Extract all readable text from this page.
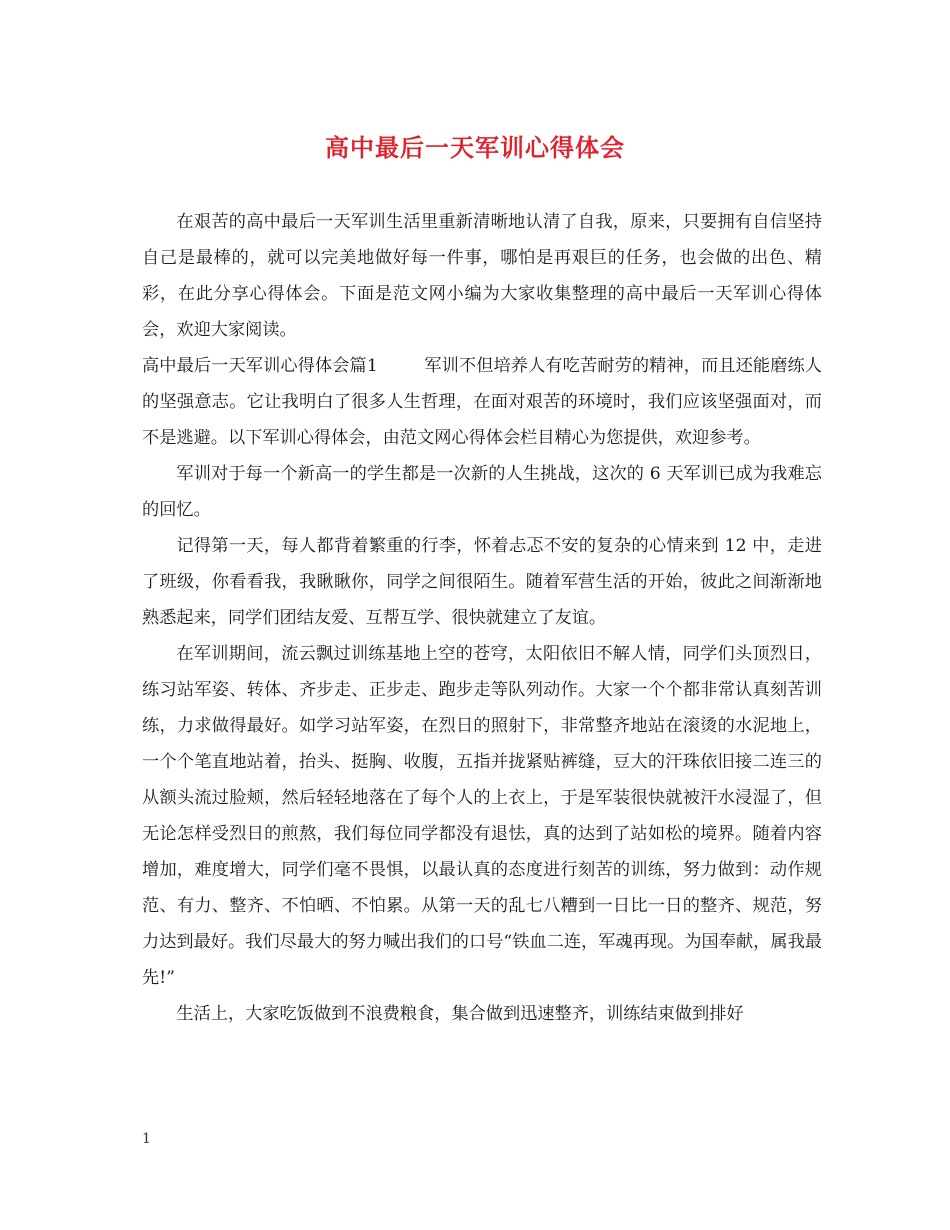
高中最后一天军训心得体会

在艰苦的高中最后一天军训生活里重新清晰地认清了自我，原来，只要拥有自信坚持自己是最棒的，就可以完美地做好每一件事，哪怕是再艰巨的任务，也会做的出色、精彩，在此分享心得体会。下面是范文网小编为大家收集整理的高中最后一天军训心得体会，欢迎大家阅读。

高中最后一天军训心得体会篇1	军训不但培养人有吃苦耐劳的精神，而且还能磨练人的坚强意志。它让我明白了很多人生哲理，在面对艰苦的环境时，我们应该坚强面对，而不是逃避。以下军训心得体会，由范文网心得体会栏目精心为您提供，欢迎参考。

军训对于每一个新高一的学生都是一次新的人生挑战，这次的 6 天军训已成为我难忘的回忆。

记得第一天，每人都背着繁重的行李，怀着忐忑不安的复杂的心情来到 12 中，走进了班级，你看看我，我瞅瞅你，同学之间很陌生。随着军营生活的开始，彼此之间渐渐地熟悉起来，同学们团结友爱、互帮互学、很快就建立了友谊。

在军训期间，流云飘过训练基地上空的苍穹，太阳依旧不解人情，同学们头顶烈日，练习站军姿、转体、齐步走、正步走、跑步走等队列动作。大家一个个都非常认真刻苦训练，力求做得最好。如学习站军姿，在烈日的照射下，非常整齐地站在滚烫的水泥地上，一个个笔直地站着，抬头、挺胸、收腹，五指并拢紧贴裤缝，豆大的汗珠依旧接二连三的从额头流过脸颊，然后轻轻地落在了每个人的上衣上，于是军装很快就被汗水浸湿了，但无论怎样受烈日的煎熬，我们每位同学都没有退怯，真的达到了站如松的境界。随着内容增加，难度增大，同学们毫不畏惧，以最认真的态度进行刻苦的训练，努力做到：动作规范、有力、整齐、不怕晒、不怕累。从第一天的乱七八糟到一日比一日的整齐、规范，努力达到最好。我们尽最大的努力喊出我们的口号“铁血二连，军魂再现。为国奉献，属我最先!”

生活上，大家吃饭做到不浪费粮食，集合做到迅速整齐，训练结束做到排好

1
